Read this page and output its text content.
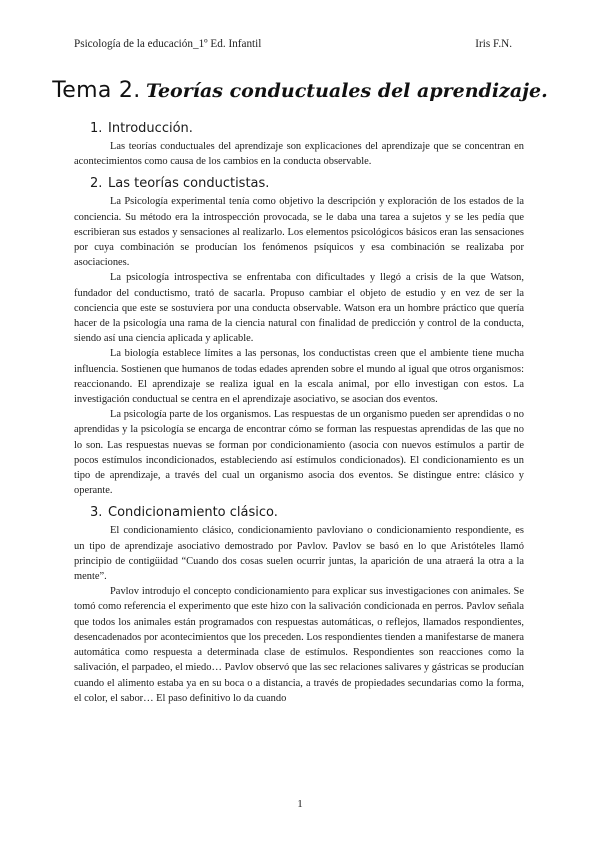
Psicología de la educación_1º Ed. Infantil	Iris F.N.
Tema 2. Teorías conductuales del aprendizaje.
1. Introducción.

Las teorías conductuales del aprendizaje son explicaciones del aprendizaje que se concentran en acontecimientos como causa de los cambios en la conducta observable.

2. Las teorías conductistas.

La Psicología experimental tenía como objetivo la descripción y exploración de los estados de la conciencia. Su método era la introspección provocada, se le daba una tarea a sujetos y se les pedía que escribieran sus estados y sensaciones al realizarlo. Los elementos psicológicos básicos eran las sensaciones por cuya combinación se producían los fenómenos psíquicos y esa combinación se realizaba por asociaciones.

La psicología introspectiva se enfrentaba con dificultades y llegó a crisis de la que Watson, fundador del conductismo, trató de sacarla. Propuso cambiar el objeto de estudio y en vez de ser la conciencia que este se sostuviera por una conducta observable. Watson era un hombre práctico que quería hacer de la psicología una rama de la ciencia natural con finalidad de predicción y control de la conducta, siendo así una ciencia aplicada y aplicable.

La biología establece límites a las personas, los conductistas creen que el ambiente tiene mucha influencia. Sostienen que humanos de todas edades aprenden sobre el mundo al igual que otros organismos: reaccionando. El aprendizaje se realiza igual en la escala animal, por ello investigan con estos. La investigación conductual se centra en el aprendizaje asociativo, se asocian dos eventos.

La psicología parte de los organismos. Las respuestas de un organismo pueden ser aprendidas o no aprendidas y la psicología se encarga de encontrar cómo se forman las respuestas aprendidas de las que no lo son. Las respuestas nuevas se forman por condicionamiento (asocia con nuevos estímulos a partir de pocos estímulos incondicionados, estableciendo así estímulos condicionados). El condicionamiento es un tipo de aprendizaje, a través del cual un organismo asocia dos eventos. Se distingue entre: clásico y operante.

3. Condicionamiento clásico.

El condicionamiento clásico, condicionamiento pavloviano o condicionamiento respondiente, es un tipo de aprendizaje asociativo demostrado por Pavlov. Pavlov se basó en lo que Aristóteles llamó principio de contigüidad “Cuando dos cosas suelen ocurrir juntas, la aparición de una atraerá la otra a la mente”.

Pavlov introdujo el concepto condicionamiento para explicar sus investigaciones con animales. Se tomó como referencia el experimento que este hizo con la salivación condicionada en perros. Pavlov señala que todos los animales están programados con respuestas automáticas, o reflejos, llamados respondientes, desencadenados por acontecimientos que los preceden. Los respondientes tienden a manifestarse de manera automática como respuesta a determinada clase de estímulos. Respondientes son reacciones como la salivación, el parpadeo, el miedo… Pavlov observó que las sec relaciones salivares y gástricas se producían cuando el alimento estaba ya en su boca o a distancia, a través de propiedades secundarias como la forma, el color, el sabor… El paso definitivo lo da cuando

1
